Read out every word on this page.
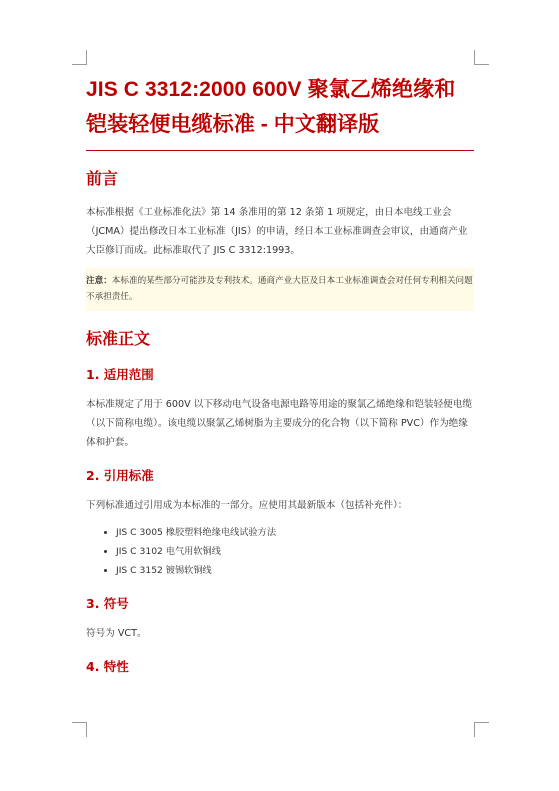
JIS C 3312:2000 600V 聚氯乙烯绝缘和铠装轻便电缆标准 - 中文翻译版
前言

本标准根据《工业标准化法》第 14 条准用的第 12 条第 1 项规定，由日本电线工业会（JCMA）提出修改日本工业标准（JIS）的申请，经日本工业标准调查会审议，由通商产业大臣修订而成。此标准取代了 JIS C 3312:1993。

注意：本标准的某些部分可能涉及专利技术。通商产业大臣及日本工业标准调查会对任何专利相关问题不承担责任。
标准正文
1. 适用范围

本标准规定了用于 600V 以下移动电气设备电源电路等用途的聚氯乙烯绝缘和铠装轻便电缆（以下简称电缆）。该电缆以聚氯乙烯树脂为主要成分的化合物（以下简称 PVC）作为绝缘体和护套。

2. 引用标准

下列标准通过引用成为本标准的一部分。应使用其最新版本（包括补充件）：

• JIS C 3005 橡胶塑料绝缘电线试验方法
• JIS C 3102 电气用软铜线
• JIS C 3152 镀锡软铜线
3. 符号

符号为 VCT。

4. 特性
